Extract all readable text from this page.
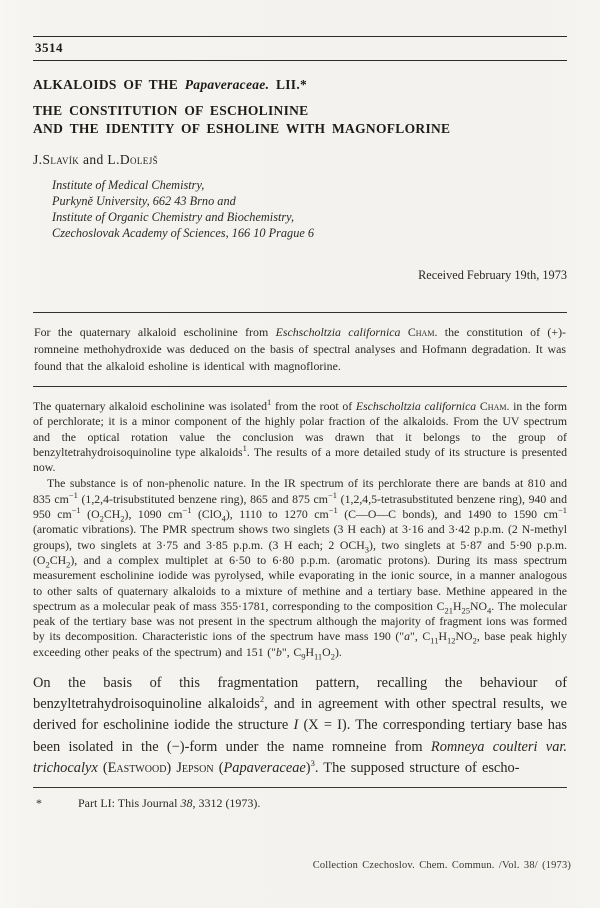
3514
ALKALOIDS OF THE Papaveraceae. LII.*
THE CONSTITUTION OF ESCHOLININE
AND THE IDENTITY OF ESHOLINE WITH MAGNOFLORINE
J.Slavík and L.Dolejš
Institute of Medical Chemistry,
Purkyně University, 662 43 Brno and
Institute of Organic Chemistry and Biochemistry,
Czechoslovak Academy of Sciences, 166 10 Prague 6
Received February 19th, 1973
For the quaternary alkaloid escholinine from Eschscholtzia californica Cham. the constitution of (+)-romneine methohydroxide was deduced on the basis of spectral analyses and Hofmann degradation. It was found that the alkaloid esholine is identical with magnoflorine.

The quaternary alkaloid escholinine was isolated$^1$ from the root of Eschscholtzia californica Cham. in the form of perchlorate; it is a minor component of the highly polar fraction of the alkaloids. From the UV spectrum and the optical rotation value the conclusion was drawn that it belongs to the group of benzyltetrahydroisoquinoline type alkaloids$^1$. The results of a more detailed study of its structure is presented now.

The substance is of non-phenolic nature. In the IR spectrum of its perchlorate there are bands at 810 and 835 $cm^{-1}$ (1,2,4-trisubstituted benzene ring), 865 and 875 $cm^{-1}$ (1,2,4,5-tetrasubstituted benzene ring), 940 and 950 $cm^{-1}$ $(O_2CH_2)$, 1090 $cm^{-1}$ (ClO$_4$), 1110 to 1270 $cm^{-1}$ (C—O—C bonds), and 1490 to 1590 $cm^{-1}$ (aromatic vibrations). The PMR spectrum shows two singlets (3 H each) at 3·16 and 3·42 p.p.m. (2 N-methyl groups), two singlets at 3·75 and 3·85 p.p.m. (3 H each; 2 $OCH_3$), two singlets at 5·87 and 5·90 p.p.m. $(O_2CH_2)$, and a complex multiplet at 6·50 to 6·80 p.p.m. (aromatic protons). During its mass spectrum measurement escholinine iodide was pyrolysed, while evaporating in the ionic source, in a manner analogous to other salts of quaternary alkaloids to a mixture of methine and a tertiary base. Methine appeared in the spectrum as a molecular peak of mass 355·1781, corresponding to the composition $C_{21}H_{25}NO_4$. The molecular peak of the tertiary base was not present in the spectrum although the majority of fragment ions was formed by its decomposition. Characteristic ions of the spectrum have mass 190 ("a", $C_{11}H_{12}NO_2$, base peak highly exceeding other peaks of the spectrum) and 151 ("b", $C_9H_{11}O_2$).

On the basis of this fragmentation pattern, recalling the behaviour of benzyltetrahydroisoquinoline alkaloids$^2$, and in agreement with other spectral results, we derived for escholinine iodide the structure I (X = I). The corresponding tertiary base has been isolated in the (−)-form under the name romneine from Romneya coulteri var. trichocalyx (Eastwood) Jepson (Papaveraceae)$^3$. The supposed structure of escho-
*	Part LI: This Journal 38, 3312 (1973).
Collection Czechoslov. Chem. Commun. /Vol. 38/ (1973)
